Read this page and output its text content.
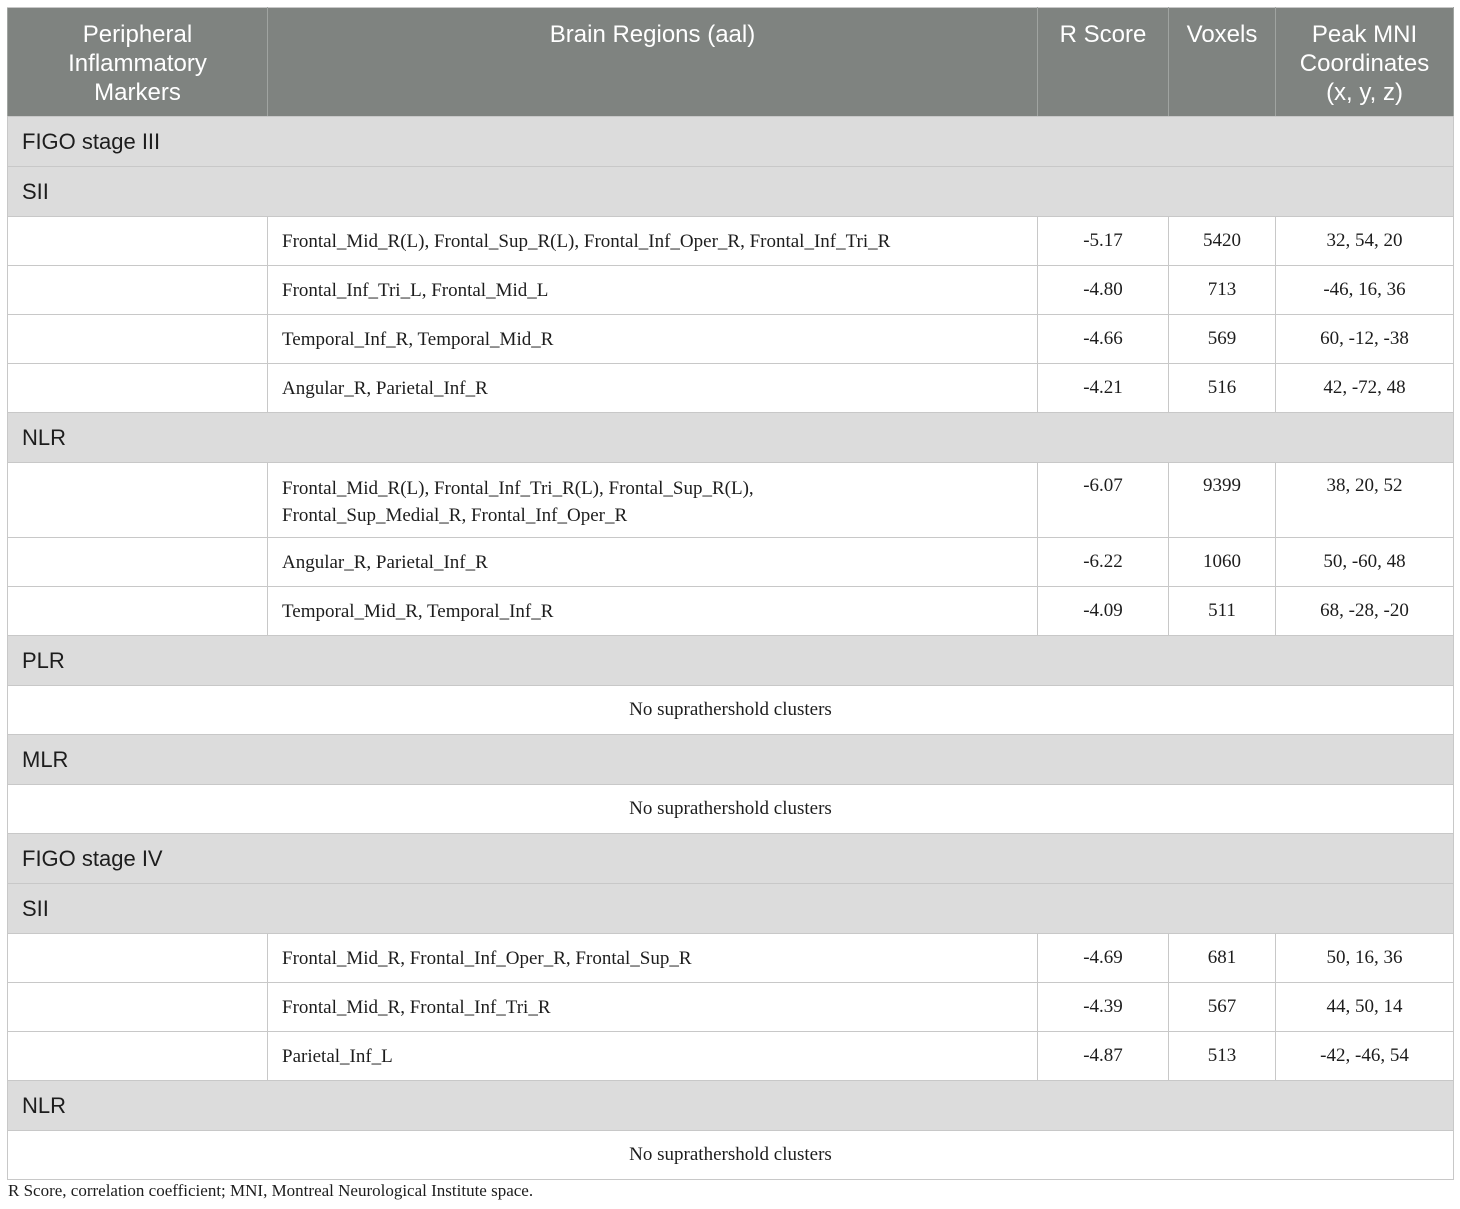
Peripheral Inflammatory Markers	Brain Regions (aal)	R Score	Voxels	Peak MNI Coordinates (x, y, z)
FIGO stage III				
SII				
	Frontal_Mid_R(L), Frontal_Sup_R(L), Frontal_Inf_Oper_R, Frontal_Inf_Tri_R	-5.17	5420	32, 54, 20
	Frontal_Inf_Tri_L, Frontal_Mid_L	-4.80	713	-46, 16, 36
	Temporal_Inf_R, Temporal_Mid_R	-4.66	569	60, -12, -38
	Angular_R, Parietal_Inf_R	-4.21	516	42, -72, 48
NLR				

	Frontal_Mid_R(L), Frontal_Inf_Tri_R(L), Frontal_Sup_R(L),
Frontal_Sup_Medial_R, Frontal_Inf_Oper_R	-6.07	9399	38, 20, 52
	Angular_R, Parietal_Inf_R	-6.22	1060	50, -60, 48
	Temporal_Mid_R, Temporal_Inf_R	-4.09	511	68, -28, -20
PLR				
No suprathershold clusters				
MLR				
No suprathershold clusters				
FIGO stage IV				
SII				
	Frontal_Mid_R, Frontal_Inf_Oper_R, Frontal_Sup_R	-4.69	681	50, 16, 36
	Frontal_Mid_R, Frontal_Inf_Tri_R	-4.39	567	44, 50, 14
	Parietal_Inf_L	-4.87	513	-42, -46, 54
NLR				
No suprathershold clusters				
R Score, correlation coefficient; MNI, Montreal Neurological Institute space.
